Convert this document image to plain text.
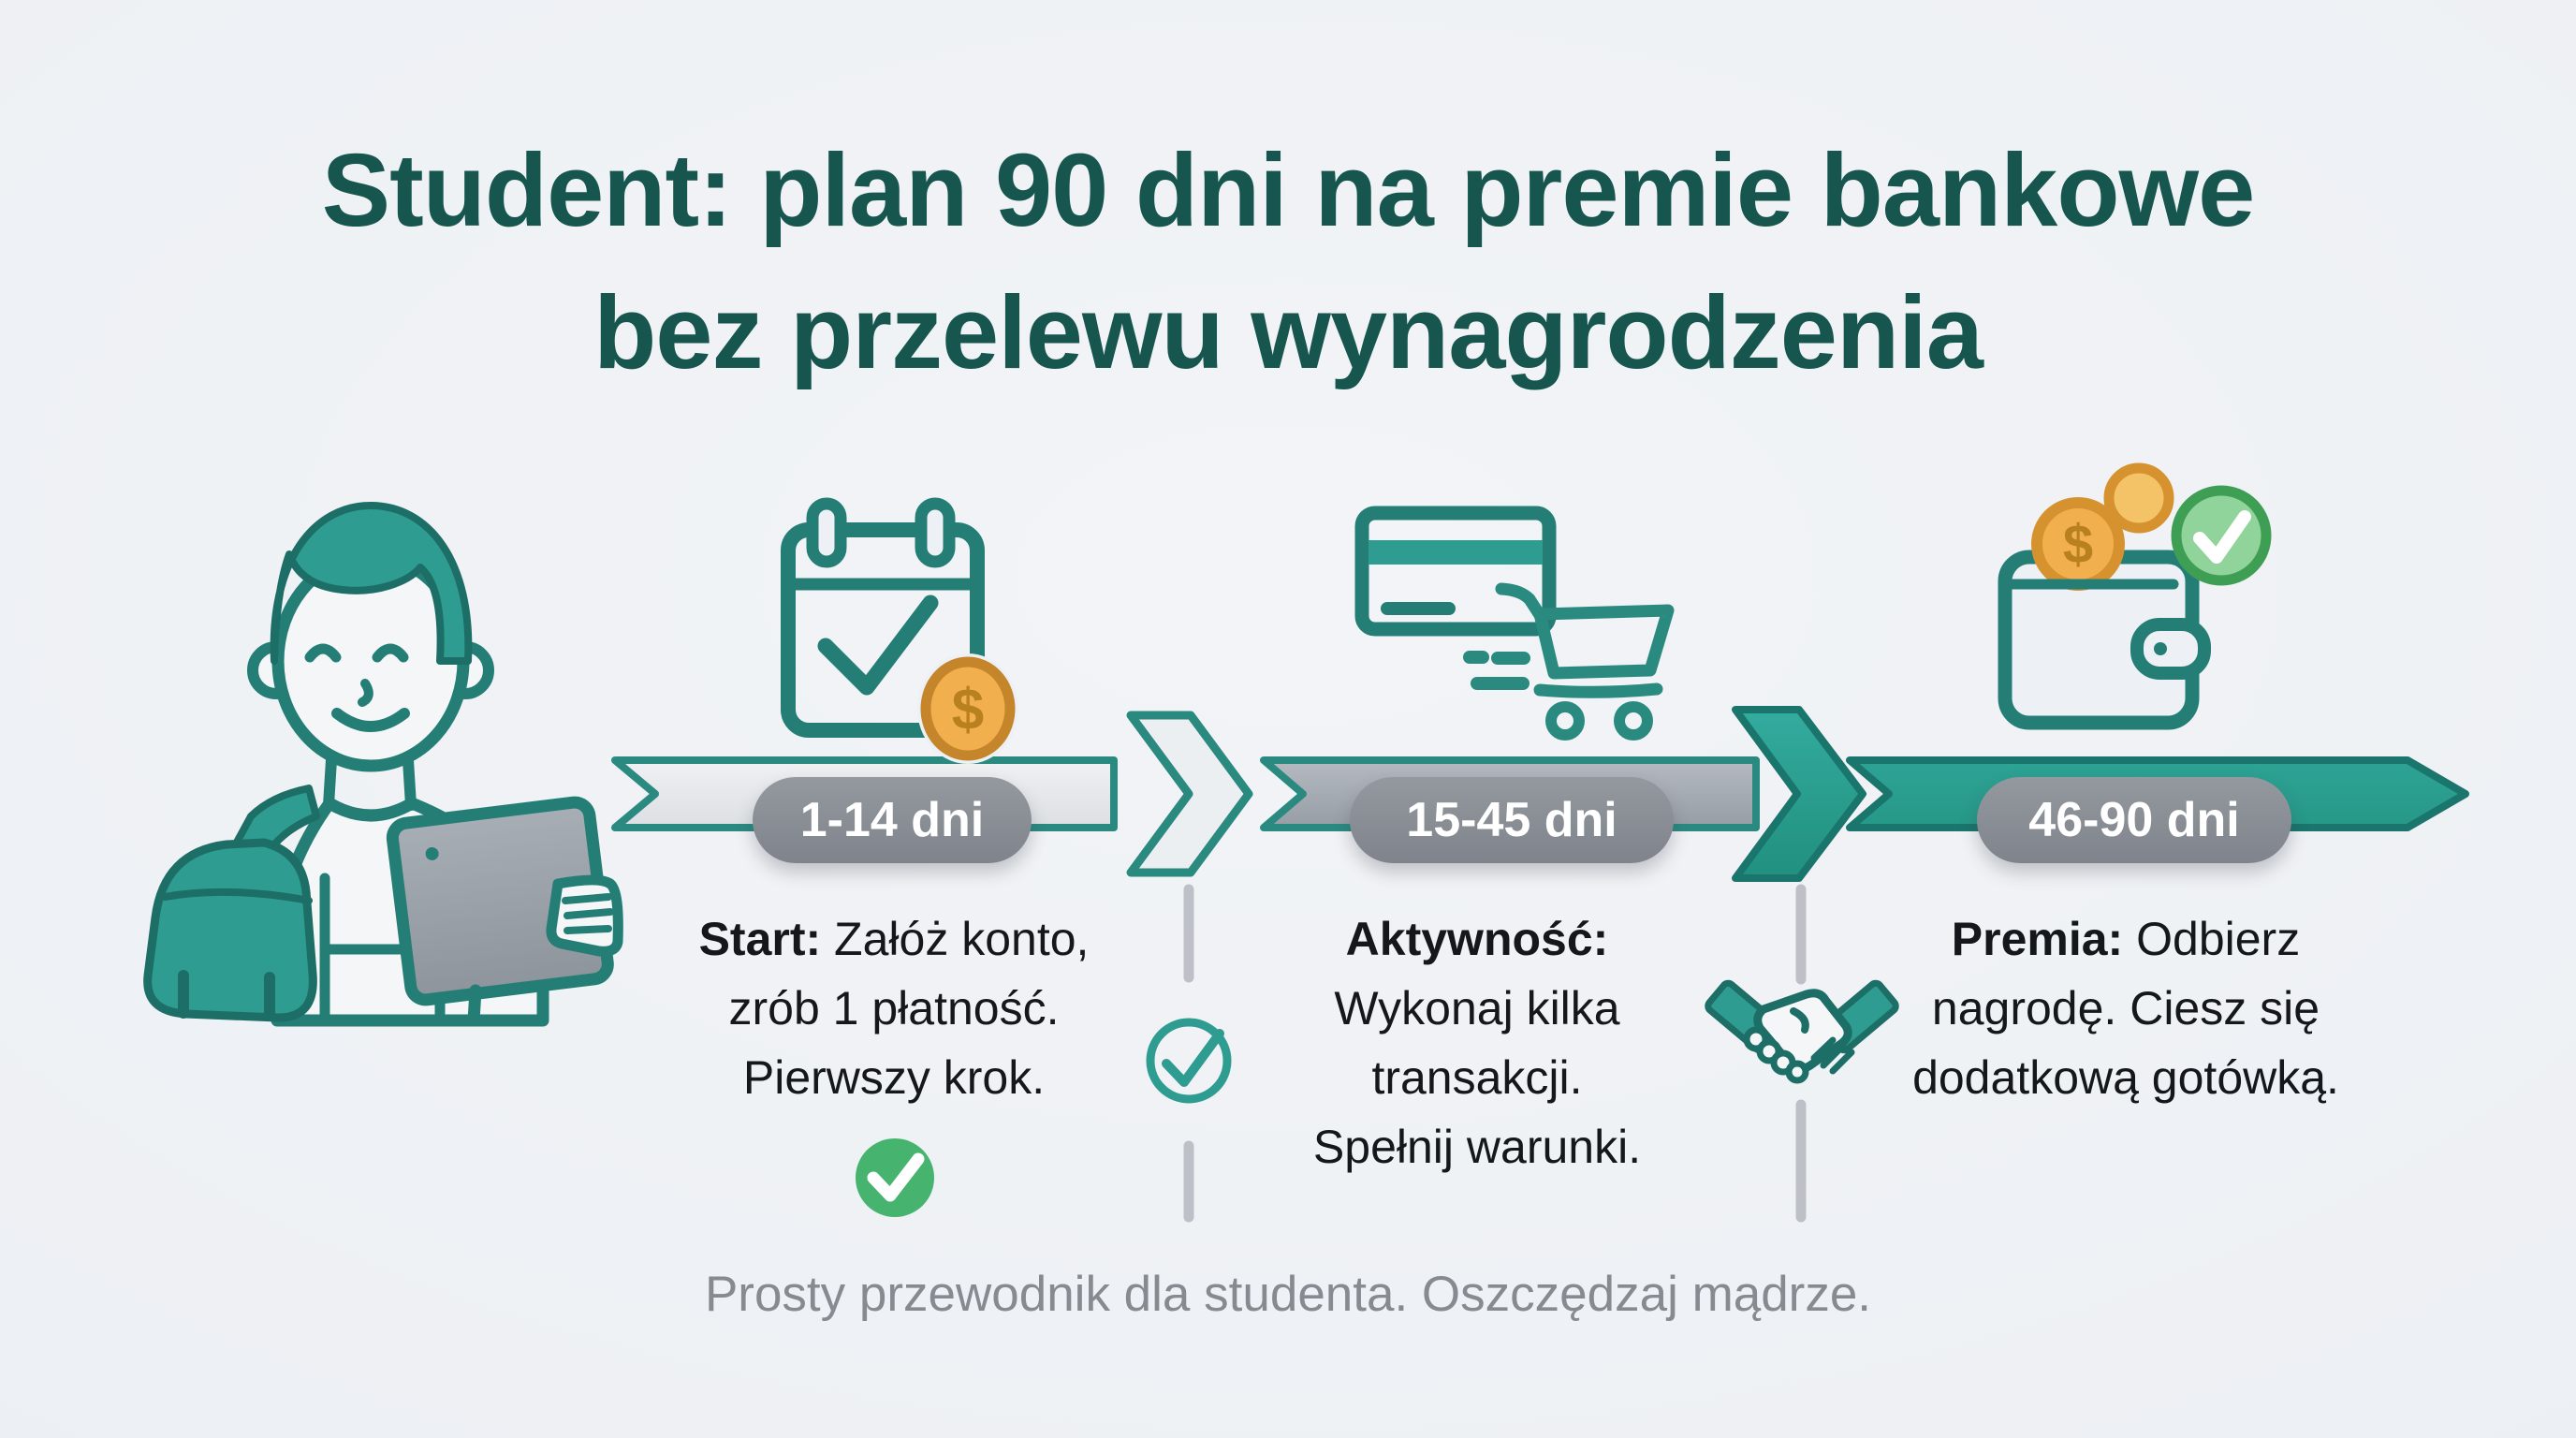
$
$
Student: plan 90 dni na premie bankowe
bez przelewu wynagrodzenia
1-14 dni	15-45 dni	46-90 dni
Start: Załóż konto,
zrób 1 płatność.
Pierwszy krok.
Aktywność:
Wykonaj kilka
transakcji.
Spełnij warunki.
Premia: Odbierz
nagrodę. Ciesz się
dodatkową gotówką.
Prosty przewodnik dla studenta. Oszczędzaj mądrze.
